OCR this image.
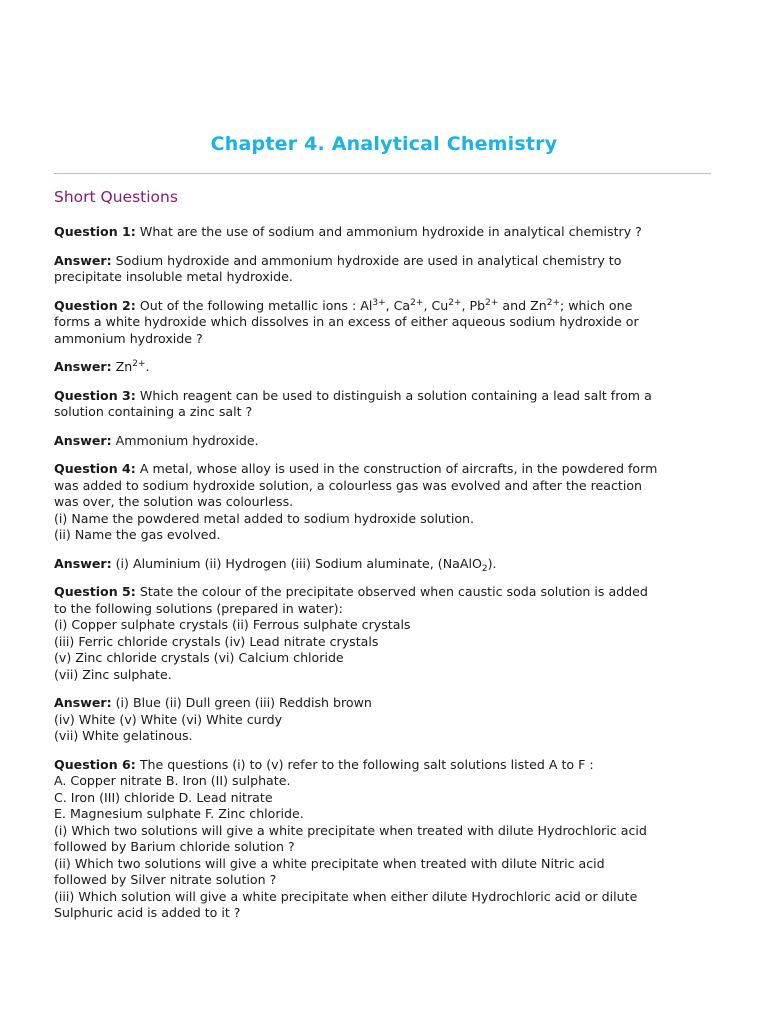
Chapter 4. Analytical Chemistry
Short Questions
Question 1: What are the use of sodium and ammonium hydroxide in analytical chemistry ?
Answer: Sodium hydroxide and ammonium hydroxide are used in analytical chemistry to
precipitate insoluble metal hydroxide.
Question 2: Out of the following metallic ions : $Al^{3+}$, $Ca^{2+}$, $Cu^{2+}$, $Pb^{2+}$ and $Zn^{2+}$; which one
forms a white hydroxide which dissolves in an excess of either aqueous sodium hydroxide or
ammonium hydroxide ?
Answer: $Zn^{2+}$.
Question 3: Which reagent can be used to distinguish a solution containing a lead salt from a
solution containing a zinc salt ?
Answer: Ammonium hydroxide.
Question 4: A metal, whose alloy is used in the construction of aircrafts, in the powdered form
was added to sodium hydroxide solution, a colourless gas was evolved and after the reaction
was over, the solution was colourless.
(i) Name the powdered metal added to sodium hydroxide solution.
(ii) Name the gas evolved.
Answer: (i) Aluminium (ii) Hydrogen (iii) Sodium aluminate, (NaAlO$_2$).
Question 5: State the colour of the precipitate observed when caustic soda solution is added
to the following solutions (prepared in water):
(i) Copper sulphate crystals (ii) Ferrous sulphate crystals
(iii) Ferric chloride crystals (iv) Lead nitrate crystals
(v) Zinc chloride crystals (vi) Calcium chloride
(vii) Zinc sulphate.
Answer: (i) Blue (ii) Dull green (iii) Reddish brown
(iv) White (v) White (vi) White curdy
(vii) White gelatinous.
Question 6: The questions (i) to (v) refer to the following salt solutions listed A to F :
A. Copper nitrate B. Iron (II) sulphate.
C. Iron (III) chloride D. Lead nitrate
E. Magnesium sulphate F. Zinc chloride.
(i) Which two solutions will give a white precipitate when treated with dilute Hydrochloric acid
followed by Barium chloride solution ?
(ii) Which two solutions will give a white precipitate when treated with dilute Nitric acid
followed by Silver nitrate solution ?
(iii) Which solution will give a white precipitate when either dilute Hydrochloric acid or dilute
Sulphuric acid is added to it ?
